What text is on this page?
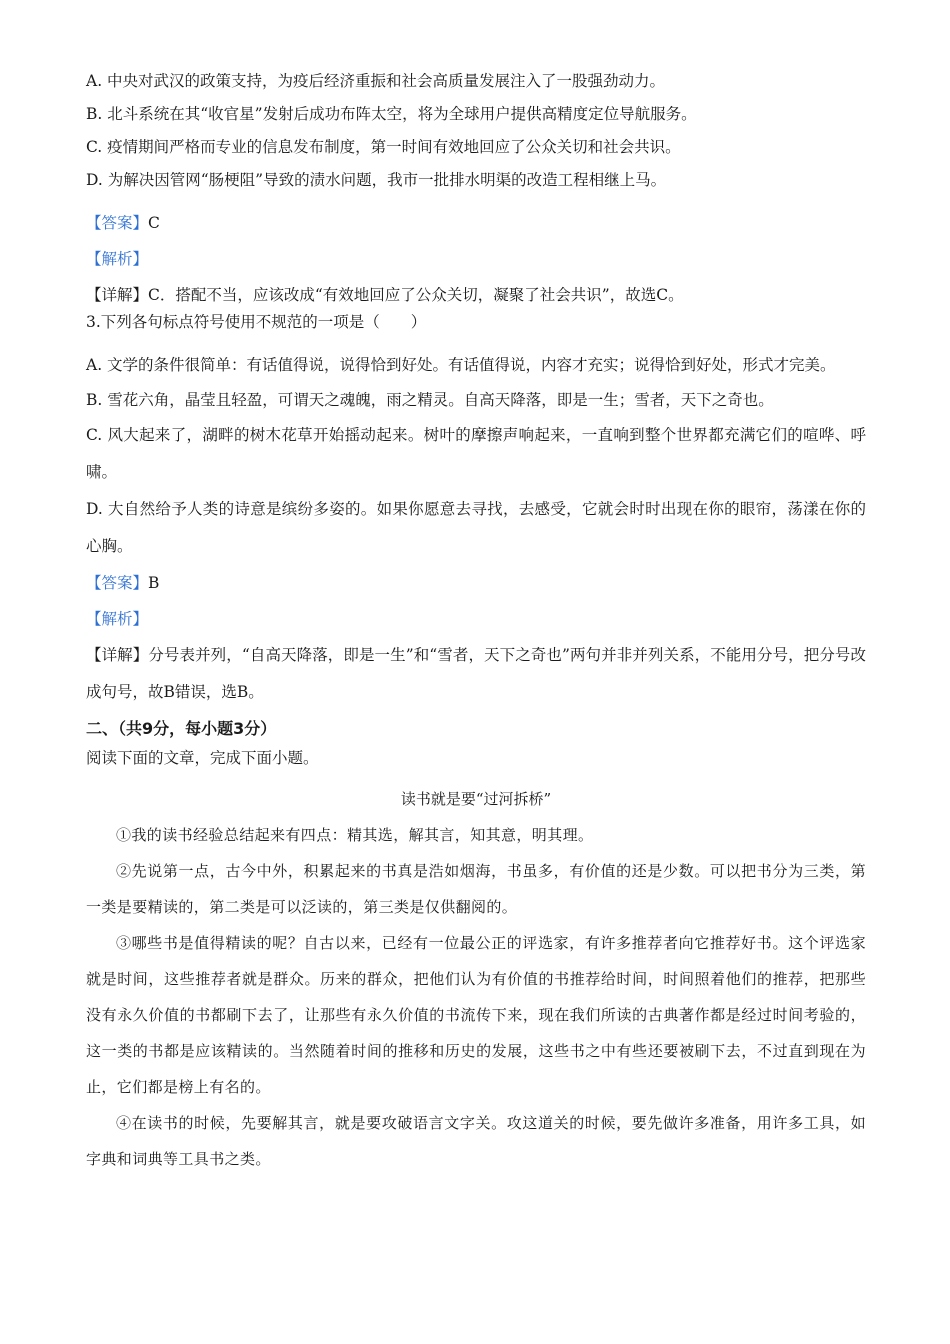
A. 中央对武汉的政策支持，为疫后经济重振和社会高质量发展注入了一股强劲动力。

B. 北斗系统在其“收官星”发射后成功布阵太空，将为全球用户提供高精度定位导航服务。

C. 疫情期间严格而专业的信息发布制度，第一时间有效地回应了公众关切和社会共识。

D. 为解决因管网“肠梗阻”导致的渍水问题，我市一批排水明渠的改造工程相继上马。

【答案】C
【解析】
【详解】C．搭配不当，应该改成“有效地回应了公众关切，凝聚了社会共识”，故选C。

3.下列各句标点符号使用不规范的一项是（　　）

A. 文学的条件很简单：有话值得说，说得恰到好处。有话值得说，内容才充实；说得恰到好处，形式才完美。

B. 雪花六角，晶莹且轻盈，可谓天之魂魄，雨之精灵。自高天降落，即是一生；雪者，天下之奇也。

C. 风大起来了，湖畔的树木花草开始摇动起来。树叶的摩擦声响起来，一直响到整个世界都充满它们的喧哗、呼啸。

D. 大自然给予人类的诗意是缤纷多姿的。如果你愿意去寻找，去感受，它就会时时出现在你的眼帘，荡漾在你的心胸。

【答案】B
【解析】

【详解】分号表并列，“自高天降落，即是一生”和“雪者，天下之奇也”两句并非并列关系，不能用分号，把分号改成句号，故B错误，选B。

二、（共9分，每小题3分）

阅读下面的文章，完成下面小题。

读书就是要“过河拆桥”

①我的读书经验总结起来有四点：精其选，解其言，知其意，明其理。

②先说第一点，古今中外，积累起来的书真是浩如烟海，书虽多，有价值的还是少数。可以把书分为三类，第一类是要精读的，第二类是可以泛读的，第三类是仅供翻阅的。

③哪些书是值得精读的呢？自古以来，已经有一位最公正的评选家，有许多推荐者向它推荐好书。这个评选家就是时间，这些推荐者就是群众。历来的群众，把他们认为有价值的书推荐给时间，时间照着他们的推荐，把那些没有永久价值的书都刷下去了，让那些有永久价值的书流传下来，现在我们所读的古典著作都是经过时间考验的，这一类的书都是应该精读的。当然随着时间的推移和历史的发展，这些书之中有些还要被刷下去，不过直到现在为止，它们都是榜上有名的。

④在读书的时候，先要解其言，就是要攻破语言文字关。攻这道关的时候，要先做许多准备，用许多工具，如字典和词典等工具书之类。
